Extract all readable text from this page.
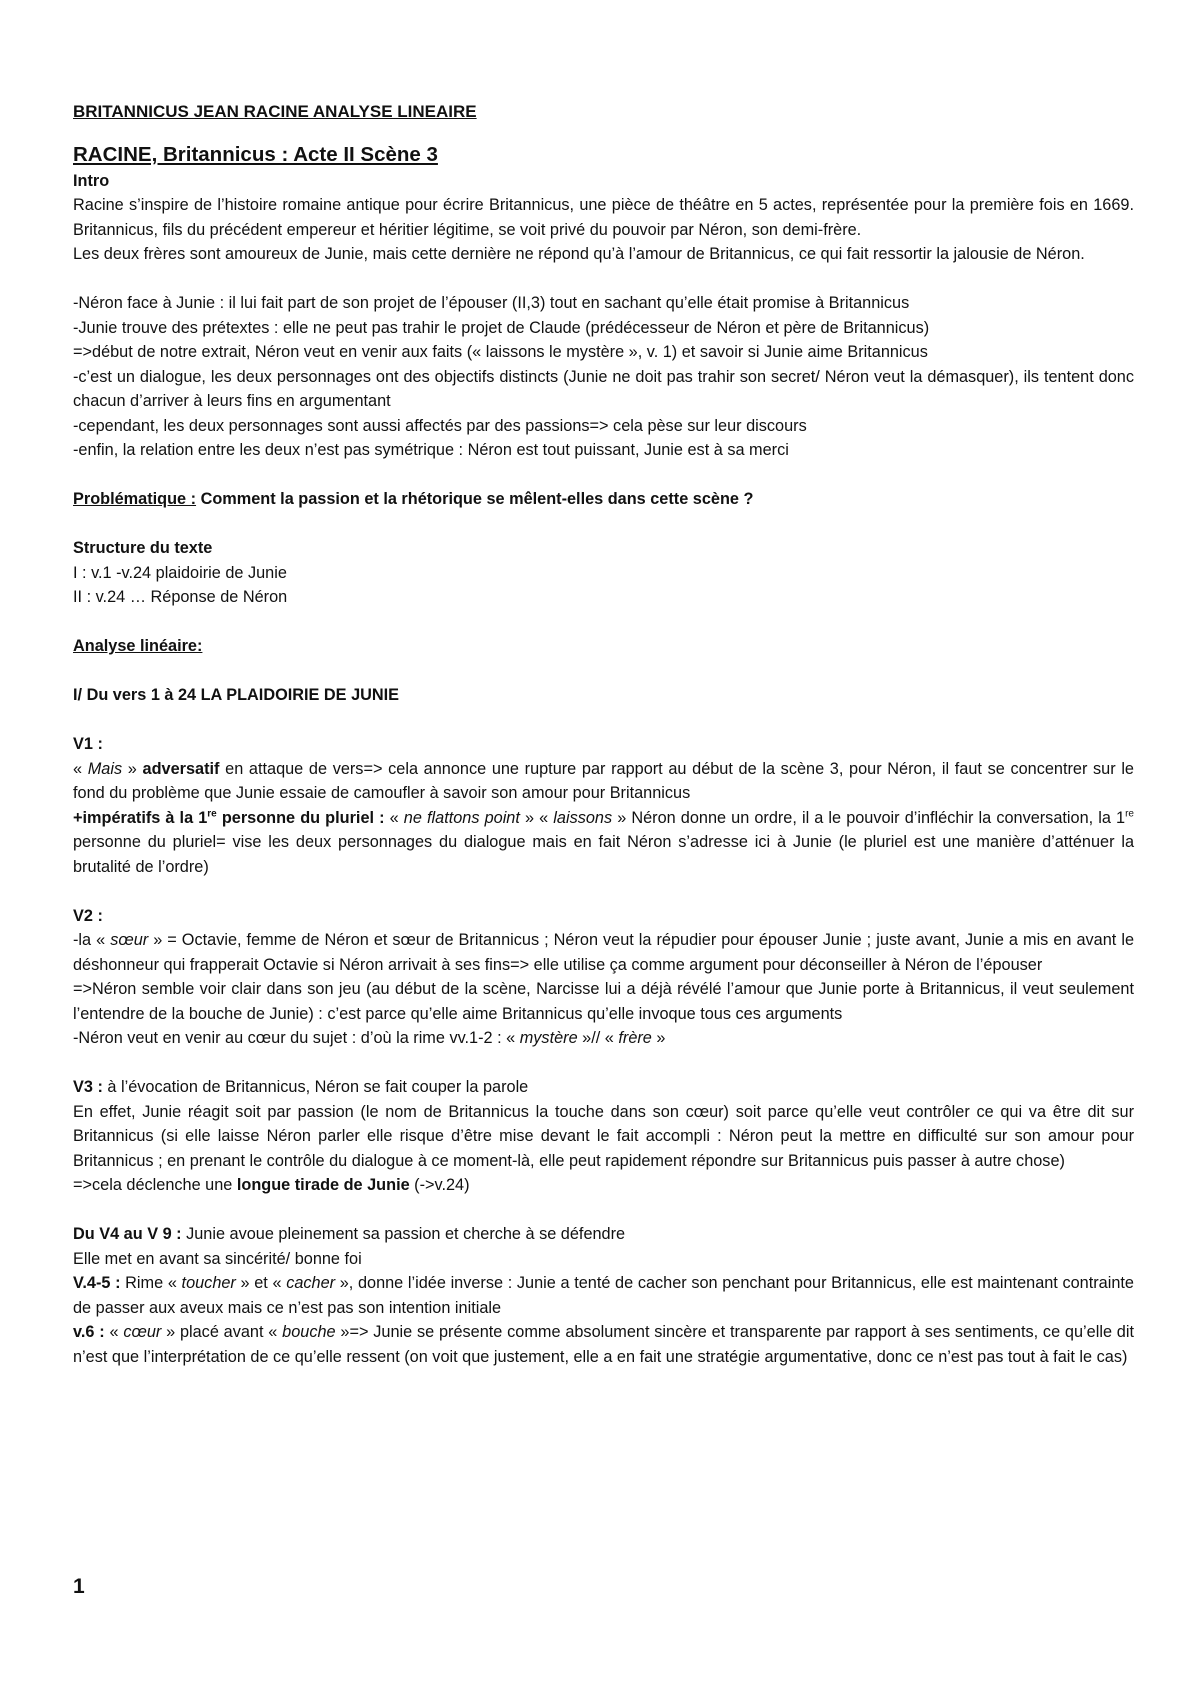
BRITANNICUS JEAN RACINE ANALYSE LINEAIRE

RACINE, Britannicus : Acte II Scène 3

Intro

Racine s’inspire de l’histoire romaine antique pour écrire Britannicus, une pièce de théâtre en 5 actes, représentée pour la première fois en 1669. Britannicus, fils du précédent empereur et héritier légitime, se voit privé du pouvoir par Néron, son demi-frère.

Les deux frères sont amoureux de Junie, mais cette dernière ne répond qu’à l’amour de Britannicus, ce qui fait ressortir la jalousie de Néron.

-Néron face à Junie : il lui fait part de son projet de l’épouser (II,3) tout en sachant qu’elle était promise à Britannicus

-Junie trouve des prétextes : elle ne peut pas trahir le projet de Claude (prédécesseur de Néron et père de Britannicus)

=>début de notre extrait, Néron veut en venir aux faits (« laissons le mystère », v. 1) et savoir si Junie aime Britannicus

-c’est un dialogue, les deux personnages ont des objectifs distincts (Junie ne doit pas trahir son secret/ Néron veut la démasquer), ils tentent donc chacun d’arriver à leurs fins en argumentant

-cependant, les deux personnages sont aussi affectés par des passions=> cela pèse sur leur discours

-enfin, la relation entre les deux n’est pas symétrique : Néron est tout puissant, Junie est à sa merci

Problématique : Comment la passion et la rhétorique se mêlent-elles dans cette scène ?

Structure du texte

I : v.1 -v.24 plaidoirie de Junie

II : v.24 … Réponse de Néron

Analyse linéaire:

I/ Du vers 1 à 24 LA PLAIDOIRIE DE JUNIE

V1 :

« Mais » adversatif en attaque de vers=> cela annonce une rupture par rapport au début de la scène 3, pour Néron, il faut se concentrer sur le fond du problème que Junie essaie de camoufler à savoir son amour pour Britannicus

+impératifs à la 1re personne du pluriel : « ne flattons point » « laissons » Néron donne un ordre, il a le pouvoir d’infléchir la conversation, la 1re personne du pluriel= vise les deux personnages du dialogue mais en fait Néron s’adresse ici à Junie (le pluriel est une manière d’atténuer la brutalité de l’ordre)

V2 :

-la « sœur » = Octavie, femme de Néron et sœur de Britannicus ; Néron veut la répudier pour épouser Junie ; juste avant, Junie a mis en avant le déshonneur qui frapperait Octavie si Néron arrivait à ses fins=> elle utilise ça comme argument pour déconseiller à Néron de l’épouser

=>Néron semble voir clair dans son jeu (au début de la scène, Narcisse lui a déjà révélé l’amour que Junie porte à Britannicus, il veut seulement l’entendre de la bouche de Junie) : c’est parce qu’elle aime Britannicus qu’elle invoque tous ces arguments

-Néron veut en venir au cœur du sujet : d’où la rime vv.1-2 : « mystère »// « frère »

V3 : à l’évocation de Britannicus, Néron se fait couper la parole

En effet, Junie réagit soit par passion (le nom de Britannicus la touche dans son cœur) soit parce qu’elle veut contrôler ce qui va être dit sur Britannicus (si elle laisse Néron parler elle risque d’être mise devant le fait accompli : Néron peut la mettre en difficulté sur son amour pour Britannicus ; en prenant le contrôle du dialogue à ce moment-là, elle peut rapidement répondre sur Britannicus puis passer à autre chose)

=>cela déclenche une longue tirade de Junie (->v.24)

Du V4 au V 9 : Junie avoue pleinement sa passion et cherche à se défendre

Elle met en avant sa sincérité/ bonne foi

V.4-5 : Rime « toucher » et « cacher », donne l’idée inverse : Junie a tenté de cacher son penchant pour Britannicus, elle est maintenant contrainte de passer aux aveux mais ce n’est pas son intention initiale

v.6 : « cœur » placé avant « bouche »=> Junie se présente comme absolument sincère et transparente par rapport à ses sentiments, ce qu’elle dit n’est que l’interprétation de ce qu’elle ressent (on voit que justement, elle a en fait une stratégie argumentative, donc ce n’est pas tout à fait le cas)

1
